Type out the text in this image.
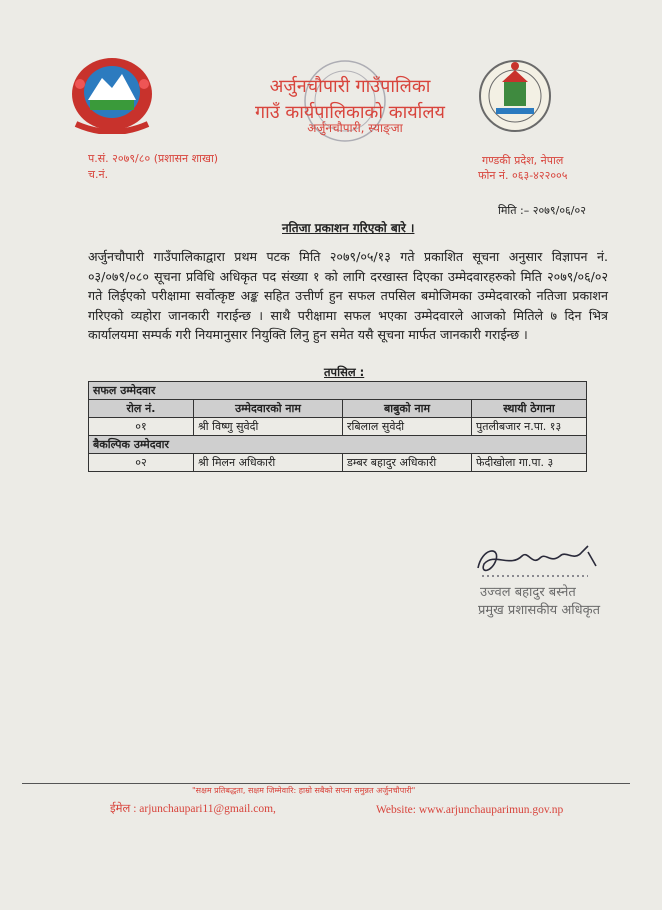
अर्जुनचौपारी गाउँपालिका
गाउँ कार्यपालिकाको कार्यालय
अर्जुनचौपारी, स्याङ्जा
प.सं. २०७९/८० (प्रशासन शाखा)
च.नं.
गण्डकी प्रदेश, नेपाल
फोन नं. ०६३-४२२००५
मिति :– २०७९/०६/०२
नतिजा प्रकाशन गरिएको बारे ।
अर्जुनचौपारी गाउँपालिकाद्वारा प्रथम पटक मिति २०७९/०५/१३ गते प्रकाशित सूचना अनुसार विज्ञापन नं. ०३/०७९/०८० सूचना प्रविधि अधिकृत पद संख्या १ को लागि दरखास्त दिएका उम्मेदवारहरुको मिति २०७९/०६/०२ गते लिईएको परीक्षामा सर्वोत्कृष्ट अङ्क सहित उत्तीर्ण हुन सफल तपसिल बमोजिमका उम्मेदवारको नतिजा प्रकाशन गरिएको व्यहोरा जानकारी गराईन्छ । साथै परीक्षामा सफल भएका उम्मेदवारले आजको मितिले ७ दिन भित्र कार्यालयमा सम्पर्क गरी नियमानुसार नियुक्ति लिनु हुन समेत यसै सूचना मार्फत जानकारी गराईन्छ ।
तपसिल :
सफल उम्मेदवार			
रोल नं.	उम्मेदवारको नाम	बाबुको नाम	स्थायी ठेगाना
०१	श्री विष्णु सुवेदी	रबिलाल सुवेदी	पुतलीबजार न.पा. १३
बैकल्पिक उम्मेदवार			
०२	श्री मिलन अधिकारी	डम्बर बहादुर अधिकारी	फेदीखोला गा.पा. ३
उज्वल बहादुर बस्नेत
प्रमुख प्रशासकीय अधिकृत
"सक्षम प्रतिबद्धता, सक्षम जिम्मेवारि: हाम्रो सबैको सपना समुन्नत अर्जुनचौपारी"
ईमेल : arjunchaupari11@gmail.com,	Website: www.arjunchauparimun.gov.np
